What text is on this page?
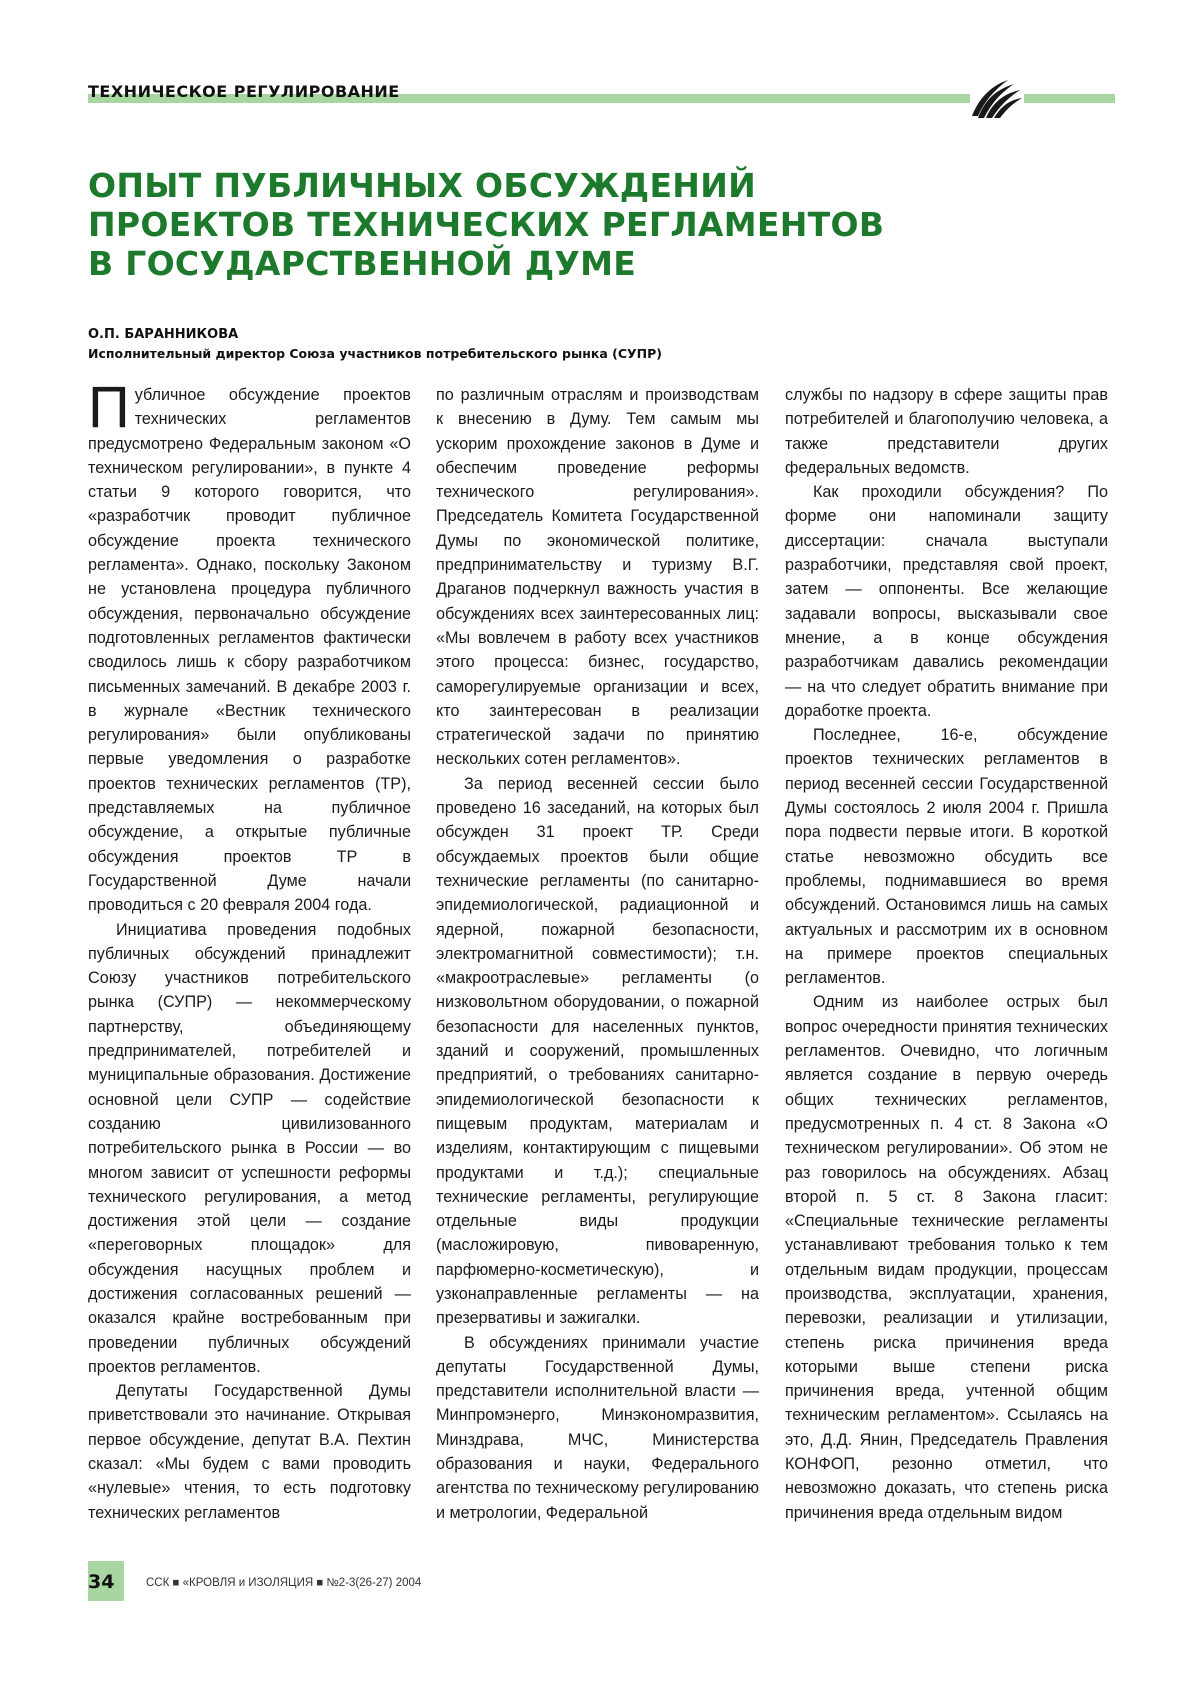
ТЕХНИЧЕСКОЕ РЕГУЛИРОВАНИЕ
ОПЫТ ПУБЛИЧНЫХ ОБСУЖДЕНИЙ
ПРОЕКТОВ ТЕХНИЧЕСКИХ РЕГЛАМЕНТОВ
В ГОСУДАРСТВЕННОЙ ДУМЕ
О.П. БАРАННИКОВА
Исполнительный директор Союза участников потребительского рынка (СУПР)

Публичное обсуждение проектов технических регламентов предусмотрено Федеральным законом «О техническом регулировании», в пункте 4 статьи 9 которого говорится, что «разработчик проводит публичное обсуждение проекта технического регламента». Однако, поскольку Законом не установлена процедура публичного обсуждения, первоначально обсуждение подготовленных регламентов фактически сводилось лишь к сбору разработчиком письменных замечаний. В декабре 2003 г. в журнале «Вестник технического регулирования» были опубликованы первые уведомления о разработке проектов технических регламентов (ТР), представляемых на публичное обсуждение, а открытые публичные обсуждения проектов ТР в Государственной Думе начали проводиться с 20 февраля 2004 года.

Инициатива проведения подобных публичных обсуждений принадлежит Союзу участников потребительского рынка (СУПР) — некоммерческому партнерству, объединяющему предпринимателей, потребителей и муниципальные образования. Достижение основной цели СУПР — содействие созданию цивилизованного потребительского рынка в России — во многом зависит от успешности реформы технического регулирования, а метод достижения этой цели — создание «переговорных площадок» для обсуждения насущных проблем и достижения согласованных решений — оказался крайне востребованным при проведении публичных обсуждений проектов регламентов.

Депутаты Государственной Думы приветствовали это начинание. Открывая первое обсуждение, депутат В.А. Пехтин сказал: «Мы будем с вами проводить «нулевые» чтения, то есть подготовку технических регламентов

по различным отраслям и производствам к внесению в Думу. Тем самым мы ускорим прохождение законов в Думе и обеспечим проведение реформы технического регулирования». Председатель Комитета Государственной Думы по экономической политике, предпринимательству и туризму В.Г. Драганов подчеркнул важность участия в обсуждениях всех заинтересованных лиц: «Мы вовлечем в работу всех участников этого процесса: бизнес, государство, саморегулируемые организации и всех, кто заинтересован в реализации стратегической задачи по принятию нескольких сотен регламентов».

За период весенней сессии было проведено 16 заседаний, на которых был обсужден 31 проект ТР. Среди обсуждаемых проектов были общие технические регламенты (по санитарно-эпидемиологической, радиационной и ядерной, пожарной безопасности, электромагнитной совместимости); т.н. «макроотраслевые» регламенты (о низковольтном оборудовании, о пожарной безопасности для населенных пунктов, зданий и сооружений, промышленных предприятий, о требованиях санитарно-эпидемиологической безопасности к пищевым продуктам, материалам и изделиям, контактирующим с пищевыми продуктами и т.д.); специальные технические регламенты, регулирующие отдельные виды продукции (масложировую, пивоваренную, парфюмерно-косметическую), и узконаправленные регламенты — на презервативы и зажигалки.

В обсуждениях принимали участие депутаты Государственной Думы, представители исполнительной власти — Минпромэнерго, Минэкономразвития, Минздрава, МЧС, Министерства образования и науки, Федерального агентства по техническому регулированию и метрологии, Федеральной

службы по надзору в сфере защиты прав потребителей и благополучию человека, а также представители других федеральных ведомств.

Как проходили обсуждения? По форме они напоминали защиту диссертации: сначала выступали разработчики, представляя свой проект, затем — оппоненты. Все желающие задавали вопросы, высказывали свое мнение, а в конце обсуждения разработчикам давались рекомендации — на что следует обратить внимание при доработке проекта.

Последнее, 16-е, обсуждение проектов технических регламентов в период весенней сессии Государственной Думы состоялось 2 июля 2004 г. Пришла пора подвести первые итоги. В короткой статье невозможно обсудить все проблемы, поднимавшиеся во время обсуждений. Остановимся лишь на самых актуальных и рассмотрим их в основном на примере проектов специальных регламентов.

Одним из наиболее острых был вопрос очередности принятия технических регламентов. Очевидно, что логичным является создание в первую очередь общих технических регламентов, предусмотренных п. 4 ст. 8 Закона «О техническом регулировании». Об этом не раз говорилось на обсуждениях. Абзац второй п. 5 ст. 8 Закона гласит: «Специальные технические регламенты устанавливают требования только к тем отдельным видам продукции, процессам производства, эксплуатации, хранения, перевозки, реализации и утилизации, степень риска причинения вреда которыми выше степени риска причинения вреда, учтенной общим техническим регламентом». Ссылаясь на это, Д.Д. Янин, Председатель Правления КОНФОП, резонно отметил, что невозможно доказать, что степень риска причинения вреда отдельным видом

34	ССК ■ «КРОВЛЯ и ИЗОЛЯЦИЯ ■ №2-3(26-27) 2004
